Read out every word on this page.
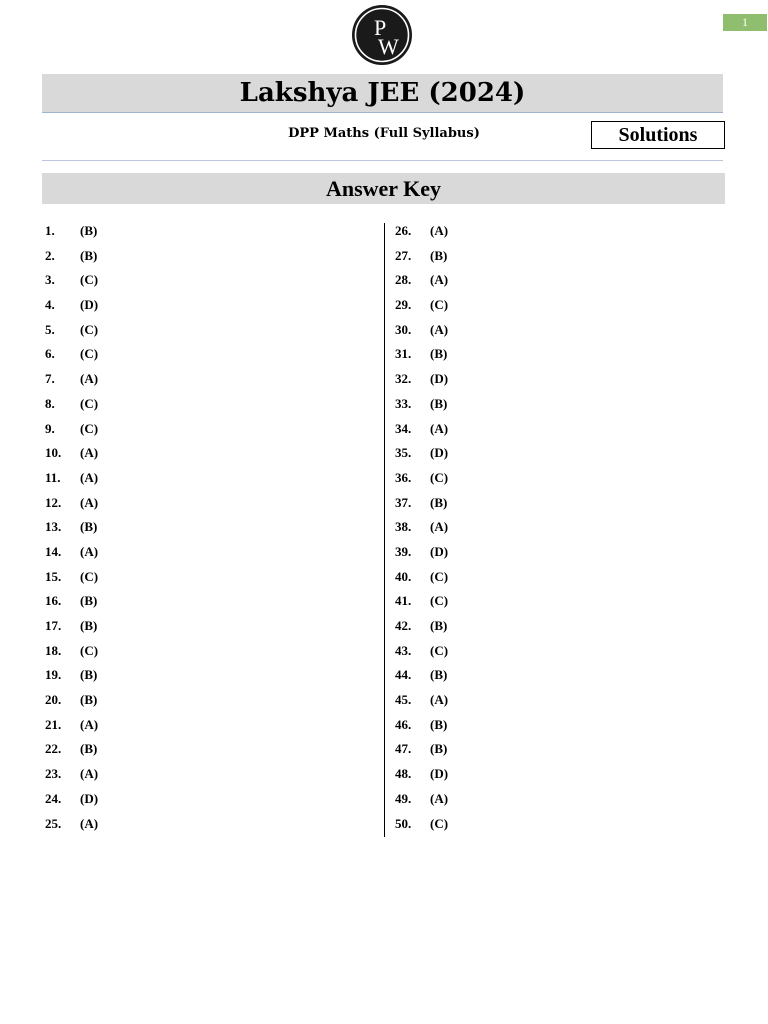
1
P
W
Lakshya JEE (2024)
DPP Maths (Full Syllabus)	Solutions
Answer Key
1. (B)
2. (B)
3. (C)
4. (D)
5. (C)
6. (C)
7. (A)
8. (C)
9. (C)
10. (A)
11. (A)
12. (A)
13. (B)
14. (A)
15. (C)
16. (B)
17. (B)
18. (C)
19. (B)
20. (B)
21. (A)
22. (B)
23. (A)
24. (D)
25. (A)
26. (A)
27. (B)
28. (A)
29. (C)
30. (A)
31. (B)
32. (D)
33. (B)
34. (A)
35. (D)
36. (C)
37. (B)
38. (A)
39. (D)
40. (C)
41. (C)
42. (B)
43. (C)
44. (B)
45. (A)
46. (B)
47. (B)
48. (D)
49. (A)
50. (C)
